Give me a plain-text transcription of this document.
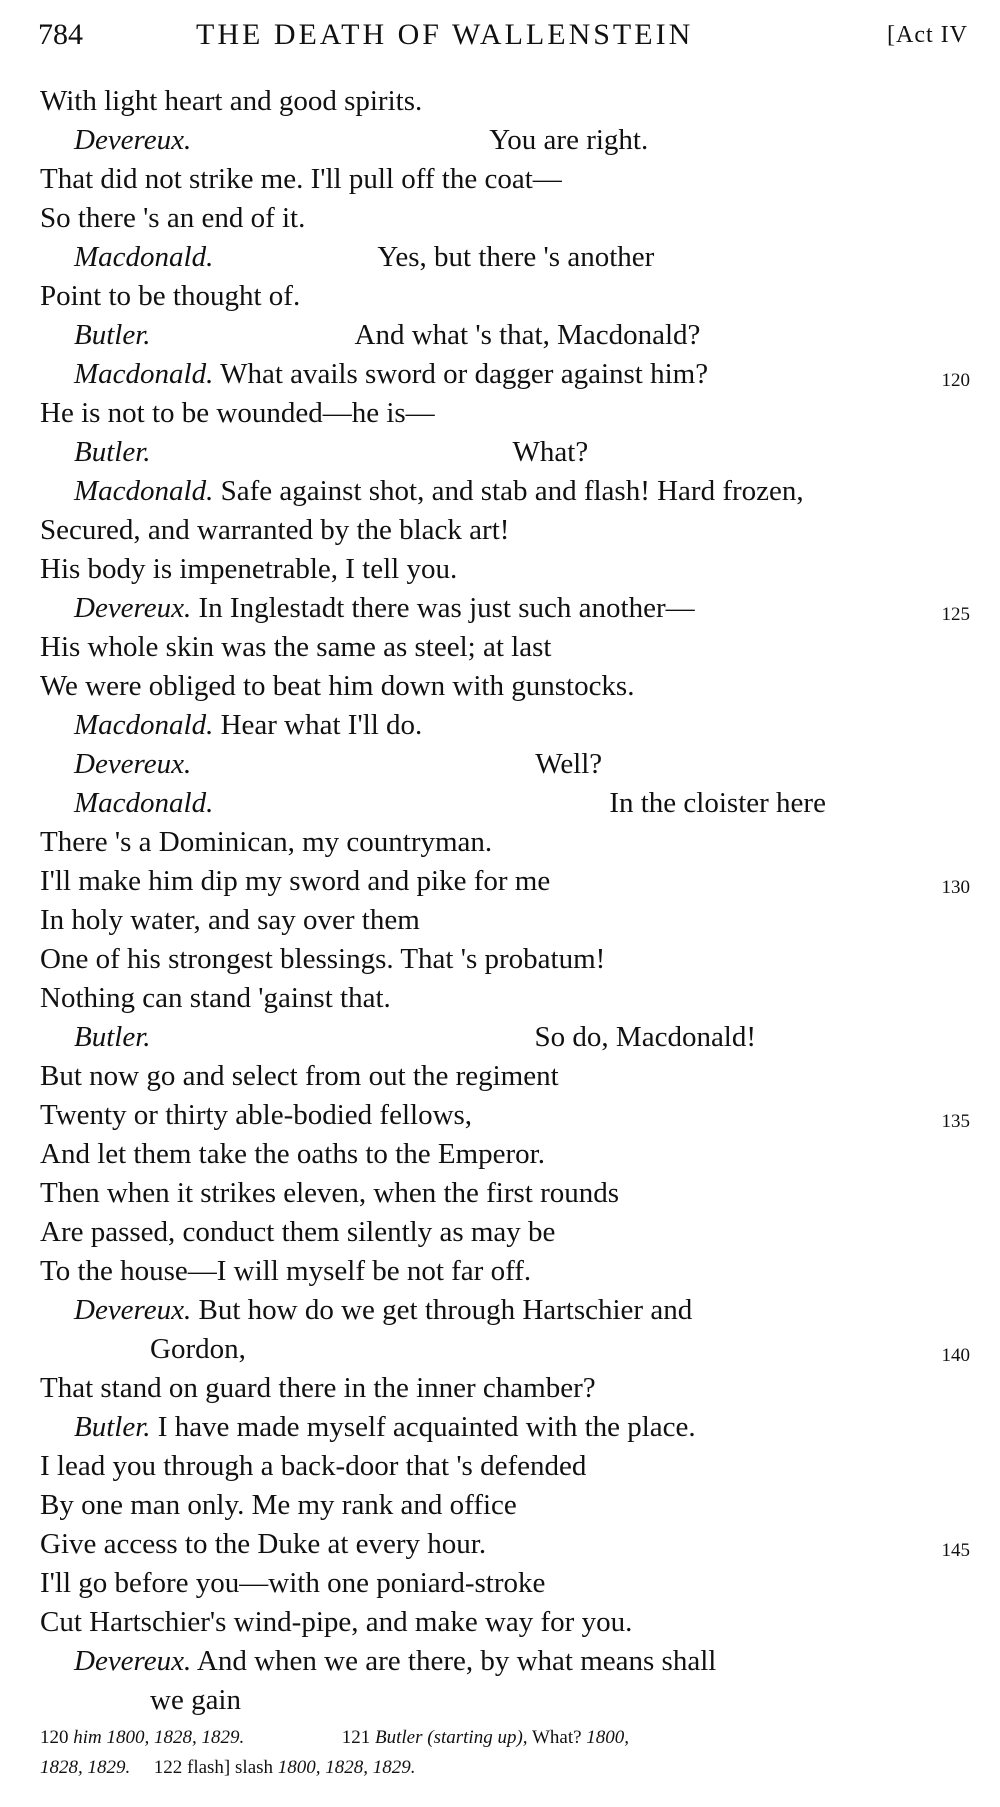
784	THE DEATH OF WALLENSTEIN	[Act IV
With light heart and good spirits.
Devereux.	You are right.
That did not strike me. I'll pull off the coat—
So there 's an end of it.
Macdonald.	Yes, but there 's another
Point to be thought of.
Butler.	And what 's that, Macdonald?
Macdonald. What avails sword or dagger against him?	120
He is not to be wounded—he is—
Butler.	What?
Macdonald. Safe against shot, and stab and flash! Hard frozen,
Secured, and warranted by the black art!
His body is impenetrable, I tell you.
Devereux. In Inglestadt there was just such another—	125
His whole skin was the same as steel; at last
We were obliged to beat him down with gunstocks.
Macdonald. Hear what I'll do.
Devereux.	Well?
Macdonald.	In the cloister here
There 's a Dominican, my countryman.
I'll make him dip my sword and pike for me	130
In holy water, and say over them
One of his strongest blessings. That 's probatum!
Nothing can stand 'gainst that.
Butler.	So do, Macdonald!
But now go and select from out the regiment
Twenty or thirty able-bodied fellows,	135
And let them take the oaths to the Emperor.
Then when it strikes eleven, when the first rounds
Are passed, conduct them silently as may be
To the house—I will myself be not far off.
Devereux. But how do we get through Hartschier and
Gordon,	140
That stand on guard there in the inner chamber?
Butler. I have made myself acquainted with the place.
I lead you through a back-door that 's defended
By one man only. Me my rank and office
Give access to the Duke at every hour.	145
I'll go before you—with one poniard-stroke
Cut Hartschier's wind-pipe, and make way for you.
Devereux. And when we are there, by what means shall
we gain
120 him 1800, 1828, 1829.	121 Butler (starting up), What? 1800,
1828, 1829. 122 flash] slash 1800, 1828, 1829.
